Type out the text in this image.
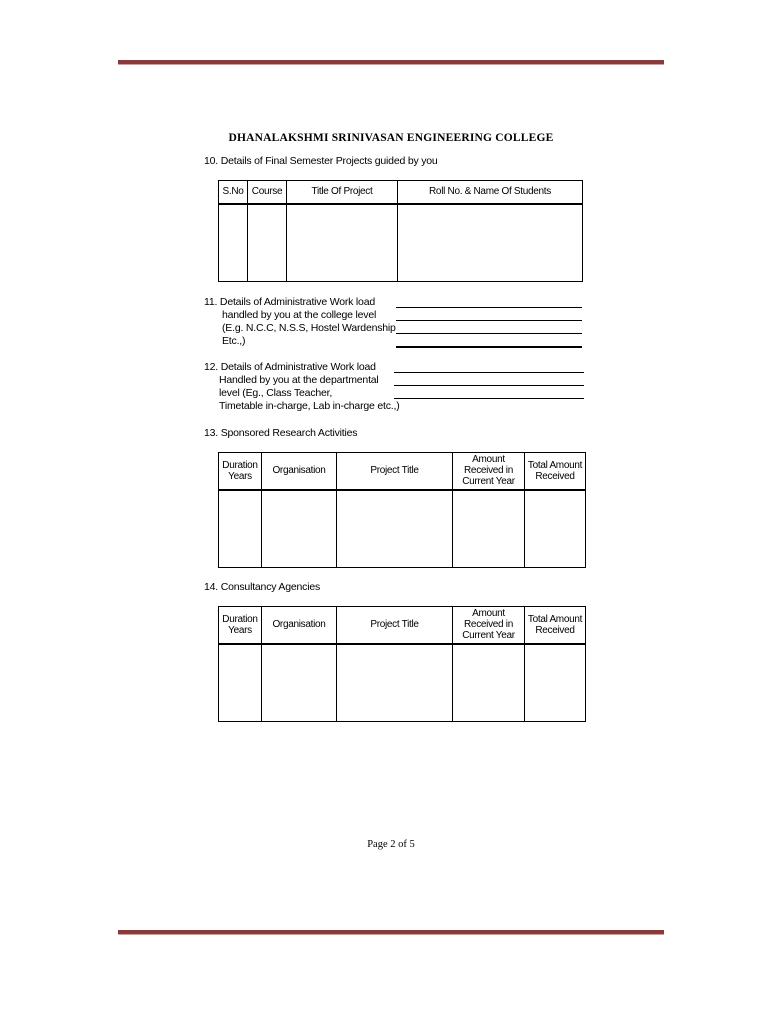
DHANALAKSHMI SRINIVASAN ENGINEERING COLLEGE
10. Details of Final Semester Projects guided by you
S.No	Course	Title Of Project	Roll No. & Name Of Students

11. Details of Administrative Work load
handled by you at the college level
(E.g. N.C.C, N.S.S, Hostel Wardenship
Etc.,)
12. Details of Administrative Work load
Handled by you at the departmental
level (Eg., Class Teacher,
Timetable in-charge, Lab in-charge etc.,)
13. Sponsored Research Activities
Duration
Years	Organisation	Project Title	Amount
Received in
Current Year	Total Amount
Received

14. Consultancy Agencies
Duration
Years	Organisation	Project Title	Amount
Received in
Current Year	Total Amount
Received

Page 2 of 5
